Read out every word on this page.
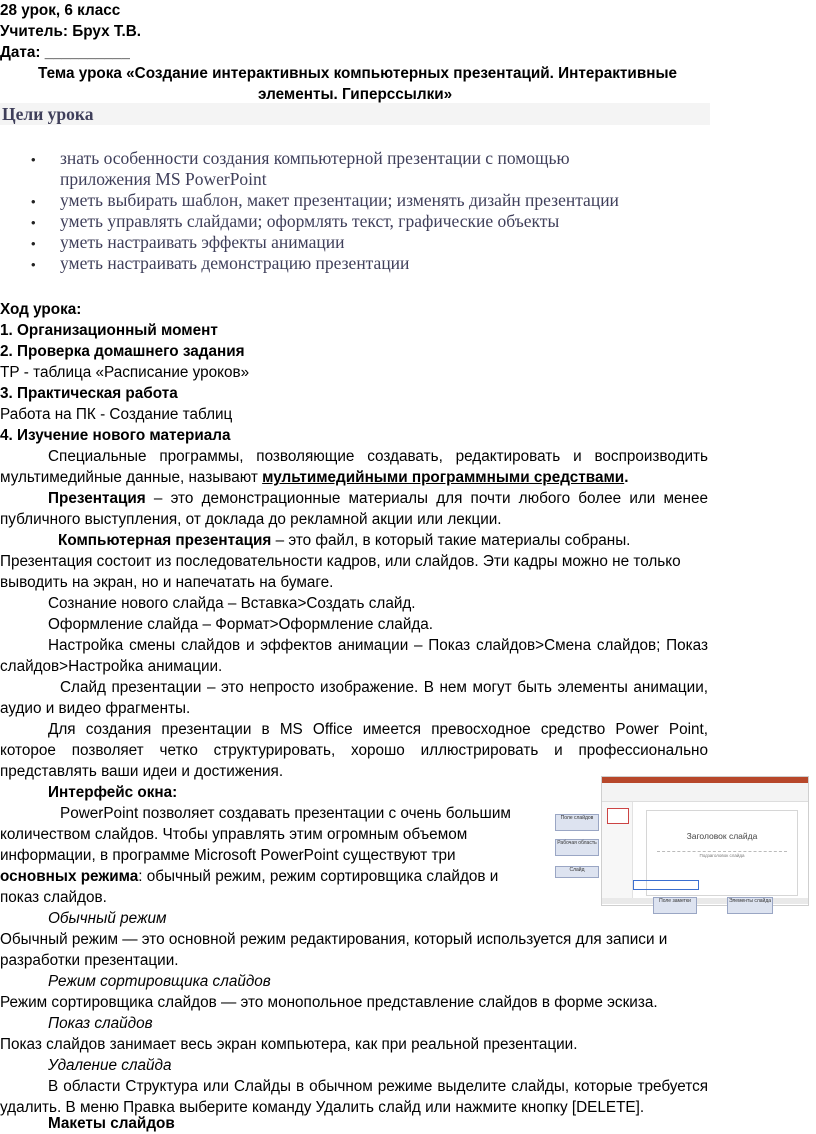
28 урок, 6 класс
Учитель: Брух Т.В.
Дата: __________
Тема урока «Создание интерактивных компьютерных презентаций. Интерактивные
элементы. Гиперссылки»
Цели урока
• знать особенности создания компьютерной презентации с помощью
приложения MS PowerPoint
• уметь выбирать шаблон, макет презентации; изменять дизайн презентации
• уметь управлять слайдами; оформлять текст, графические объекты
• уметь настраивать эффекты анимации
• уметь настраивать демонстрацию презентации
Ход урока:
1. Организационный момент
2. Проверка домашнего задания
ТР - таблица «Расписание уроков»
3. Практическая работа
Работа на ПК - Создание таблиц
4. Изучение нового материала
Специальные программы, позволяющие создавать, редактировать и воспроизводить
мультимедийные данные, называют мультимедийными программными средствами.
Презентация – это демонстрационные материалы для почти любого более или менее
публичного выступления, от доклада до рекламной акции или лекции.
Компьютерная презентация – это файл, в который такие материалы собраны.
Презентация состоит из последовательности кадров, или слайдов. Эти кадры можно не только
выводить на экран, но и напечатать на бумаге.
Сознание нового слайда – Вставка>Создать слайд.
Оформление слайда – Формат>Оформление слайда.
Настройка смены слайдов и эффектов анимации – Показ слайдов>Смена слайдов; Показ
слайдов>Настройка анимации.
Слайд презентации – это непросто изображение. В нем могут быть элементы анимации,
аудио и видео фрагменты.
Для создания презентации в MS Office имеется превосходное средство Power Point,
которое позволяет четко структурировать, хорошо иллюстрировать и профессионально
представлять ваши идеи и достижения.
Интерфейс окна:
PowerPoint позволяет создавать презентации с очень большим
количеством слайдов. Чтобы управлять этим огромным объемом
информации, в программе Microsoft PowerPoint существуют три
основных режима: обычный режим, режим сортировщика слайдов и
показ слайдов.
Обычный режим
Обычный режим — это основной режим редактирования, который используется для записи и
разработки презентации.
Режим сортировщика слайдов
Режим сортировщика слайдов — это монопольное представление слайдов в форме эскиза.
Показ слайдов
Показ слайдов занимает весь экран компьютера, как при реальной презентации.
Удаление слайда
В области Структура или Слайды в обычном режиме выделите слайды, которые требуется
удалить. В меню Правка выберите команду Удалить слайд или нажмите кнопку [DELETE].
Макеты слайдов
Заголовок слайда
Подзаголовок слайда
Поле слайдов
Рабочая область
Слайд
Поле заметки	Элементы слайда
